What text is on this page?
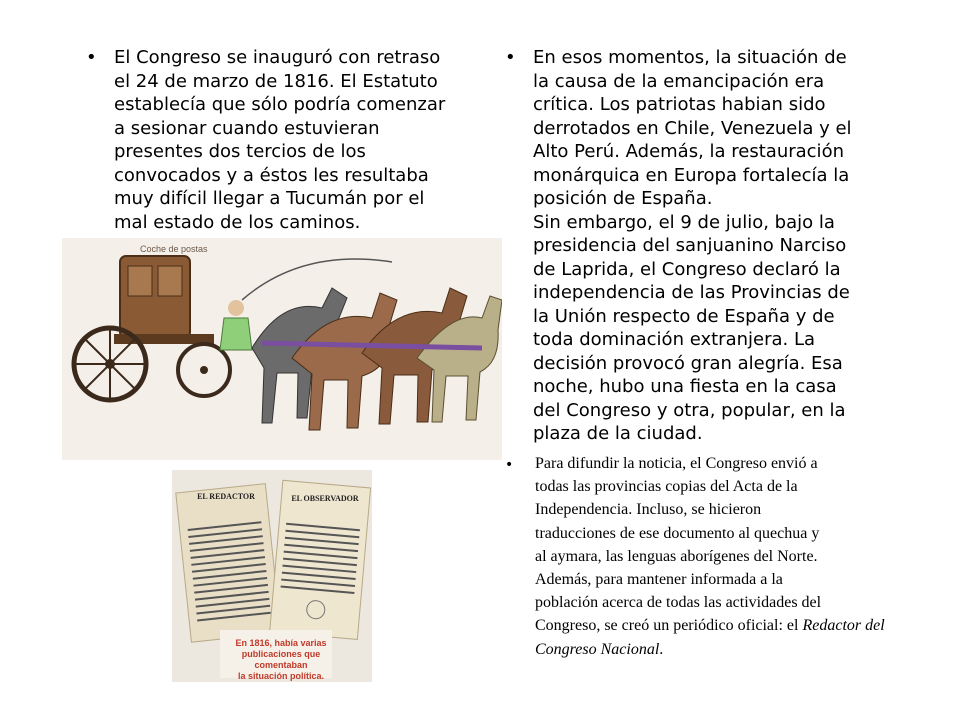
• El Congreso se inauguró con retraso
el 24 de marzo de 1816. El Estatuto
establecía que sólo podría comenzar
a sesionar cuando estuvieran
presentes dos tercios de los
convocados y a éstos les resultaba
muy difícil llegar a Tucumán por el
mal estado de los caminos.
• En esos momentos, la situación de
la causa de la emancipación era
crítica. Los patriotas habian sido
derrotados en Chile, Venezuela y el
Alto Perú. Además, la restauración
monárquica en Europa fortalecía la
posición de España.
Sin embargo, el 9 de julio, bajo la
presidencia del sanjuanino Narciso
de Laprida, el Congreso declaró la
independencia de las Provincias de
la Unión respecto de España y de
toda dominación extranjera. La
decisión provocó gran alegría. Esa
noche, hubo una fiesta en la casa
del Congreso y otra, popular, en la
plaza de la ciudad.
• Para difundir la noticia, el Congreso envió a
todas las provincias copias del Acta de la
Independencia. Incluso, se hicieron
traducciones de ese documento al quechua y
al aymara, las lenguas aborígenes del Norte.
Además, para mantener informada a la
población acerca de todas las actividades del
Congreso, se creó un periódico oficial: el Redactor del Congreso Nacional.
Coche de postas
EL REDACTOR	EL OBSERVADOR
En 1816, había varias
publicaciones que comentaban
la situación política.
